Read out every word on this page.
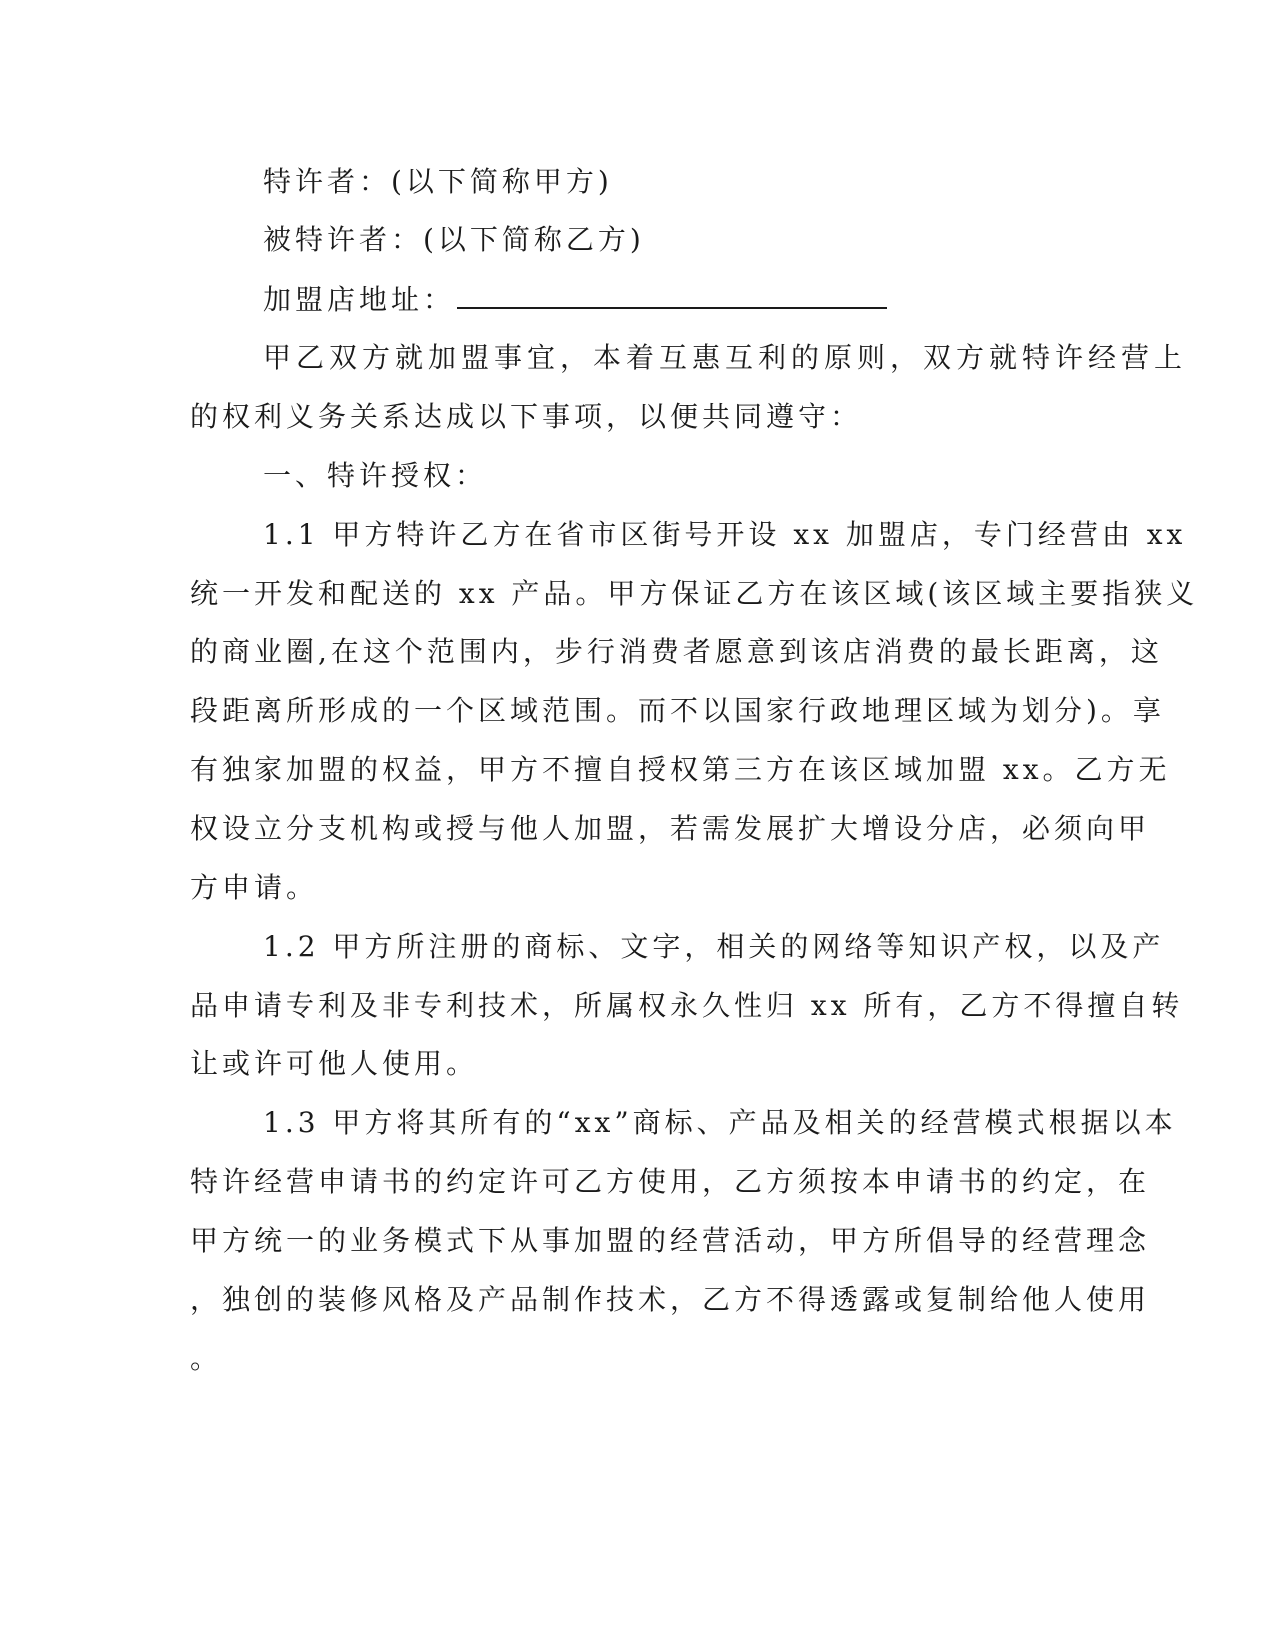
特许者：(以下简称甲方)
被特许者：(以下简称乙方)
加盟店地址：
甲乙双方就加盟事宜，本着互惠互利的原则，双方就特许经营上
的权利义务关系达成以下事项，以便共同遵守：
一、特许授权：
1.1 甲方特许乙方在省市区街号开设 xx 加盟店，专门经营由 xx
统一开发和配送的 xx 产品。甲方保证乙方在该区域(该区域主要指狭义
的商业圈,在这个范围内，步行消费者愿意到该店消费的最长距离，这
段距离所形成的一个区域范围。而不以国家行政地理区域为划分)。享
有独家加盟的权益，甲方不擅自授权第三方在该区域加盟 xx。乙方无
权设立分支机构或授与他人加盟，若需发展扩大增设分店，必须向甲
方申请。
1.2 甲方所注册的商标、文字，相关的网络等知识产权，以及产
品申请专利及非专利技术，所属权永久性归 xx 所有，乙方不得擅自转
让或许可他人使用。
1.3 甲方将其所有的“xx”商标、产品及相关的经营模式根据以本
特许经营申请书的约定许可乙方使用，乙方须按本申请书的约定，在
甲方统一的业务模式下从事加盟的经营活动，甲方所倡导的经营理念
，独创的装修风格及产品制作技术，乙方不得透露或复制给他人使用
。
